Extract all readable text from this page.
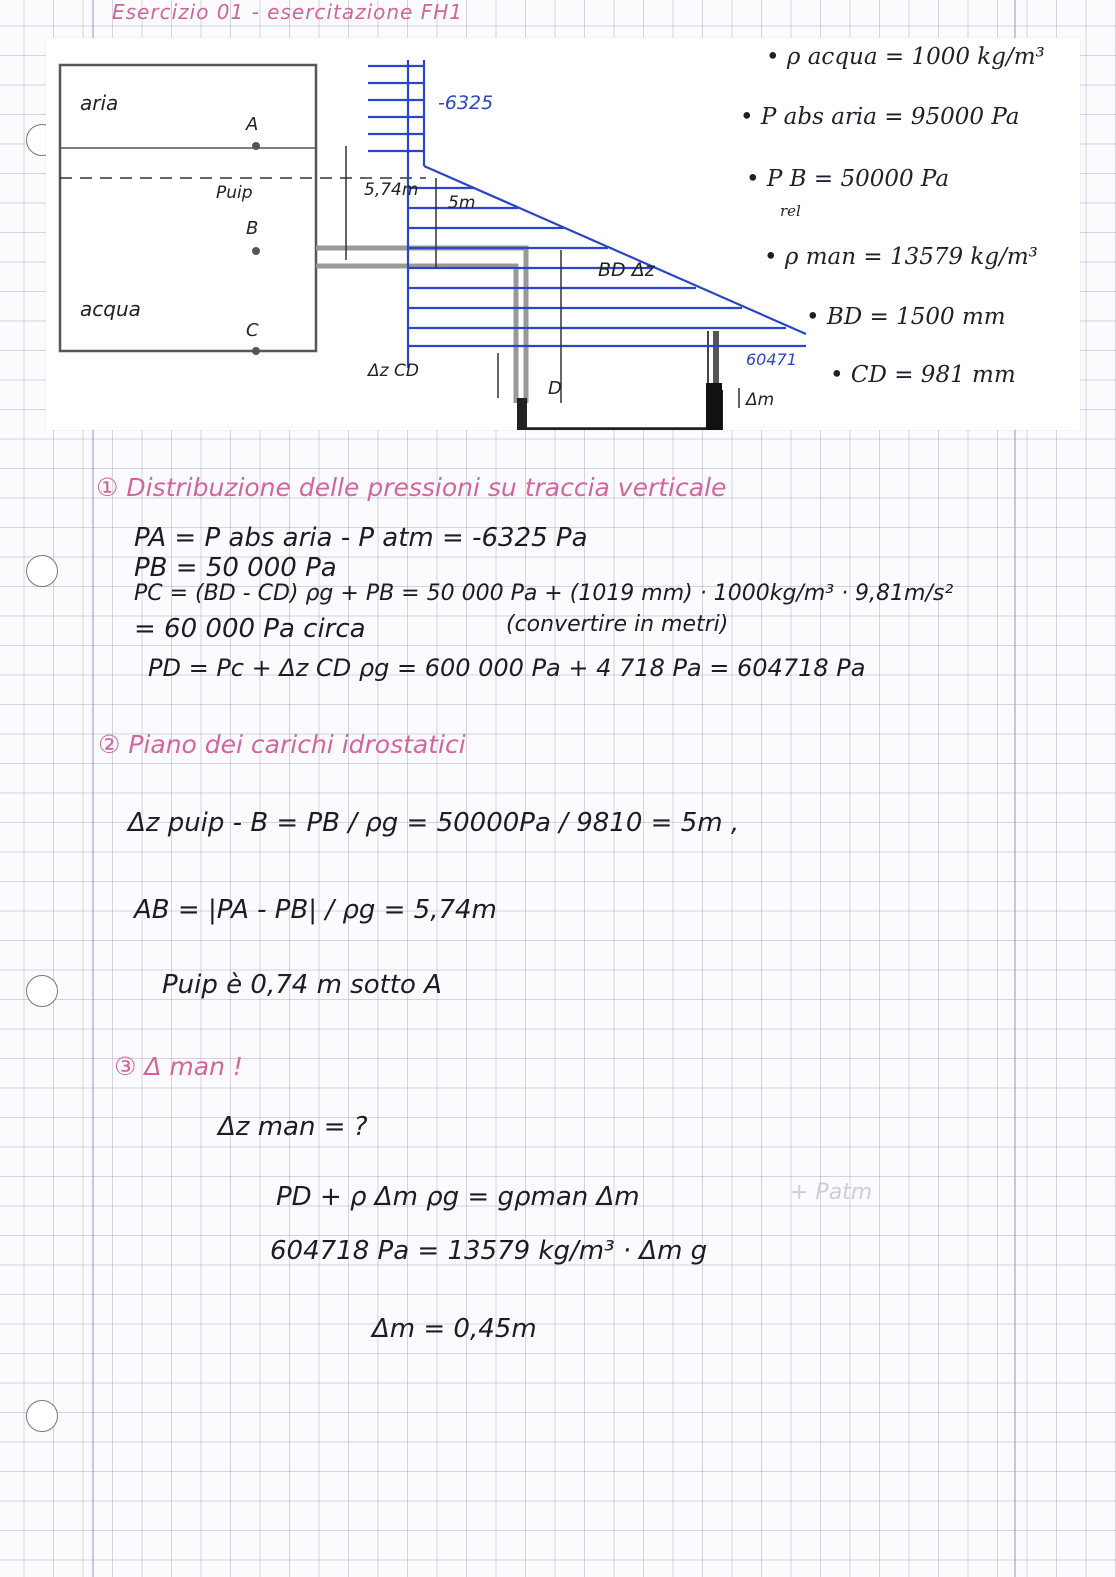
Esercizio 01 - esercitazione FH1
aria
acqua
A
B
C
Puip	5,74m
5m
-6325
60471
BD Δz
Δz CD
D
Δm
• ρ acqua = 1000 kg/m³
• P abs aria = 95000 Pa
• P B = 50000 Pa
rel
• ρ man = 13579 kg/m³
• BD = 1500 mm
• CD = 981 mm
① Distribuzione delle pressioni su traccia verticale
PA = P abs aria - P atm = -6325 Pa
PB = 50 000 Pa
PC = (BD - CD) ρg + PB = 50 000 Pa + (1019 mm) · 1000kg/m³ · 9,81m/s²
= 60 000 Pa circa	(convertire in metri)
PD = Pc + Δz CD ρg = 600 000 Pa + 4 718 Pa = 604718 Pa
② Piano dei carichi idrostatici
Δz puip - B = PB / ρg = 50000Pa / 9810 = 5m ,
AB = |PA - PB| / ρg = 5,74m
Puip è 0,74 m sotto A
③ Δ man !
Δz man = ?
PD + ρ Δm ρg = gρman Δm	+ Patm
604718 Pa = 13579 kg/m³ · Δm g
Δm = 0,45m
